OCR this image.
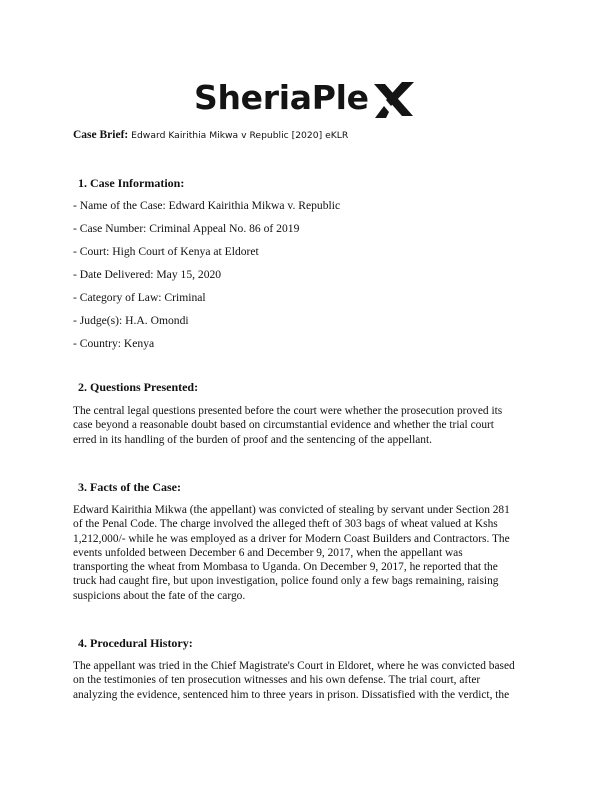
SheriaPle
Case Brief: Edward Kairithia Mikwa v Republic [2020] eKLR
1. Case Information:
- Name of the Case: Edward Kairithia Mikwa v. Republic
- Case Number: Criminal Appeal No. 86 of 2019
- Court: High Court of Kenya at Eldoret
- Date Delivered: May 15, 2020
- Category of Law: Criminal
- Judge(s): H.A. Omondi
- Country: Kenya
2. Questions Presented:
The central legal questions presented before the court were whether the prosecution proved its
case beyond a reasonable doubt based on circumstantial evidence and whether the trial court
erred in its handling of the burden of proof and the sentencing of the appellant.
3. Facts of the Case:
Edward Kairithia Mikwa (the appellant) was convicted of stealing by servant under Section 281
of the Penal Code. The charge involved the alleged theft of 303 bags of wheat valued at Kshs
1,212,000/- while he was employed as a driver for Modern Coast Builders and Contractors. The
events unfolded between December 6 and December 9, 2017, when the appellant was
transporting the wheat from Mombasa to Uganda. On December 9, 2017, he reported that the
truck had caught fire, but upon investigation, police found only a few bags remaining, raising
suspicions about the fate of the cargo.
4. Procedural History:
The appellant was tried in the Chief Magistrate's Court in Eldoret, where he was convicted based
on the testimonies of ten prosecution witnesses and his own defense. The trial court, after
analyzing the evidence, sentenced him to three years in prison. Dissatisfied with the verdict, the
